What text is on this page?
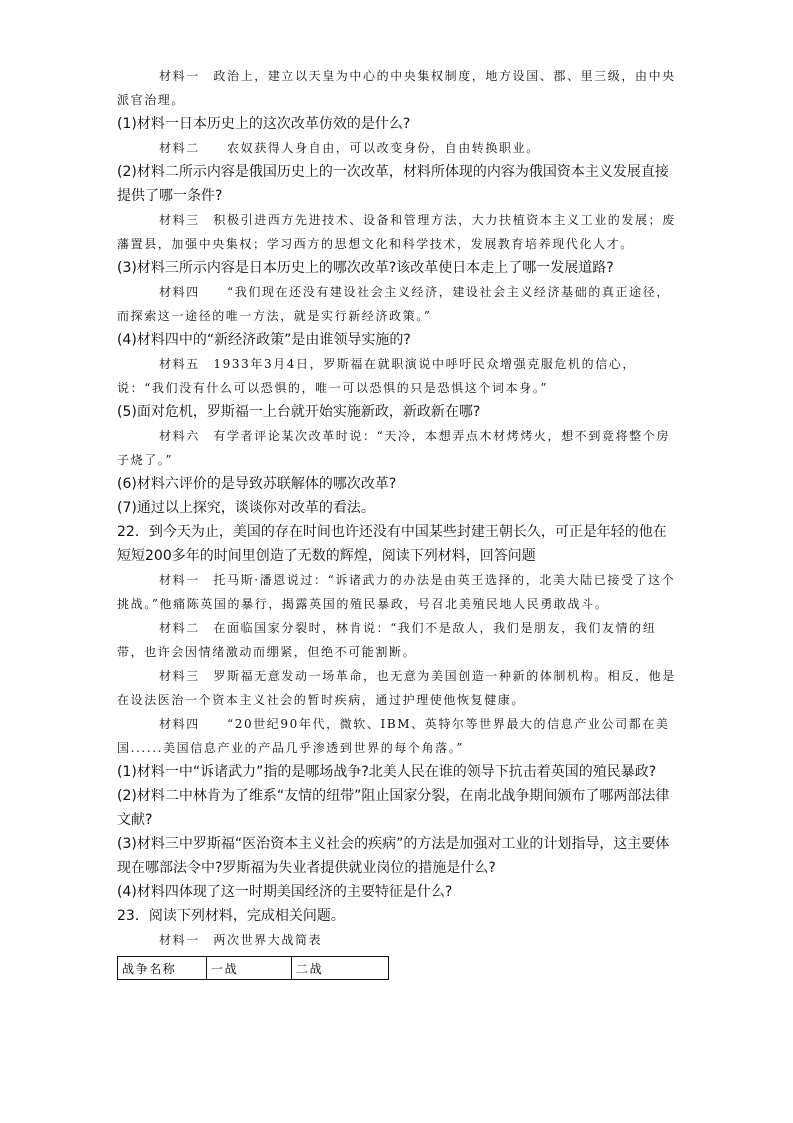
材料一　政治上，建立以天皇为中心的中央集权制度，地方设国、郡、里三级，由中央派官治理。

(1)材料一日本历史上的这次改革仿效的是什么?

材料二　　农奴获得人身自由，可以改变身份，自由转换职业。

(2)材料二所示内容是俄国历史上的一次改革，材料所体现的内容为俄国资本主义发展直接提供了哪一条件?

材料三　积极引进西方先进技术、设备和管理方法，大力扶植资本主义工业的发展；废藩置县，加强中央集权；学习西方的思想文化和科学技术，发展教育培养现代化人才。

(3)材料三所示内容是日本历史上的哪次改革?该改革使日本走上了哪一发展道路?

材料四　　“我们现在还没有建设社会主义经济，建设社会主义经济基础的真正途径，而探索这一途径的唯一方法，就是实行新经济政策。”

(4)材料四中的“新经济政策”是由谁领导实施的?

材料五　1933年3月4日，罗斯福在就职演说中呼吁民众增强克服危机的信心，说：“我们没有什么可以恐惧的，唯一可以恐惧的只是恐惧这个词本身。”

(5)面对危机，罗斯福一上台就开始实施新政，新政新在哪?

材料六　有学者评论某次改革时说：“天冷，本想弄点木材烤烤火，想不到竟将整个房子烧了。”

(6)材料六评价的是导致苏联解体的哪次改革?

(7)通过以上探究，谈谈你对改革的看法。

22．到今天为止，美国的存在时间也许还没有中国某些封建王朝长久，可正是年轻的他在短短200多年的时间里创造了无数的辉煌，阅读下列材料，回答问题

材料一　托马斯·潘恩说过：“诉诸武力的办法是由英王选择的，北美大陆已接受了这个挑战。”他痛陈英国的暴行，揭露英国的殖民暴政，号召北美殖民地人民勇敢战斗。

材料二　在面临国家分裂时，林肯说：“我们不是敌人，我们是朋友，我们友情的纽带，也许会因情绪激动而绷紧，但绝不可能割断。

材料三　罗斯福无意发动一场革命，也无意为美国创造一种新的体制机构。相反，他是在设法医治一个资本主义社会的暂时疾病，通过护理使他恢复健康。

材料四　　“20世纪90年代，微软、IBM、英特尔等世界最大的信息产业公司都在美国......美国信息产业的产品几乎渗透到世界的每个角落。”

(1)材料一中“诉诸武力”指的是哪场战争?北美人民在谁的领导下抗击着英国的殖民暴政?

(2)材料二中林肯为了维系“友情的纽带”阻止国家分裂，在南北战争期间颁布了哪两部法律文献?

(3)材料三中罗斯福“医治资本主义社会的疾病”的方法是加强对工业的计划指导，这主要体现在哪部法令中?罗斯福为失业者提供就业岗位的措施是什么?

(4)材料四体现了这一时期美国经济的主要特征是什么?

23．阅读下列材料，完成相关问题。

材料一　两次世界大战简表

战争名称	一战	二战
